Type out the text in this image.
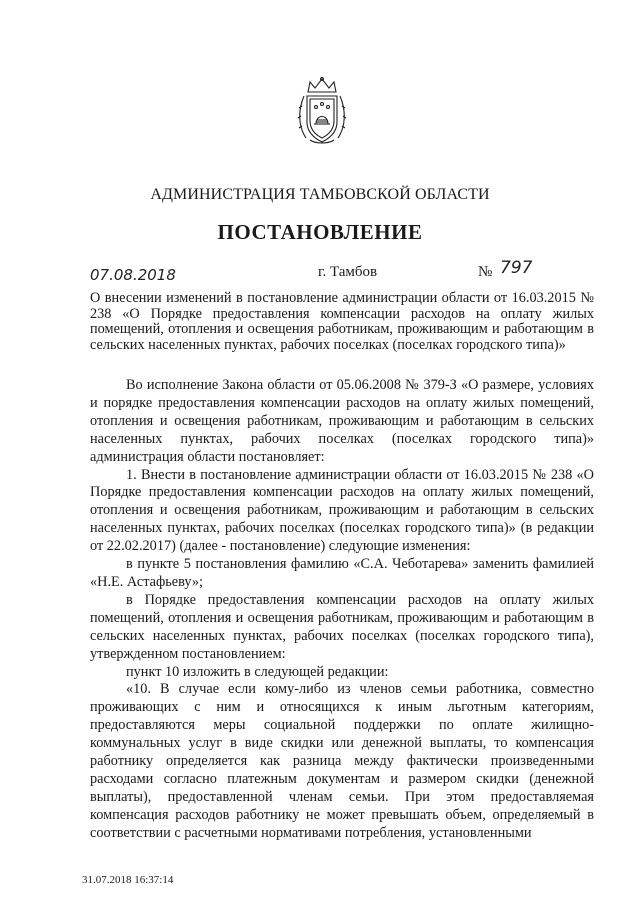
АДМИНИСТРАЦИЯ ТАМБОВСКОЙ ОБЛАСТИ
ПОСТАНОВЛЕНИЕ
07.08.2018	г. Тамбов	№ 797
О внесении изменений в постановление администрации области от 16.03.2015 № 238 «О Порядке предоставления компенсации расходов на оплату жилых помещений, отопления и освещения работникам, проживающим и работающим в сельских населенных пунктах, рабочих поселках (поселках городского типа)»

Во исполнение Закона области от 05.06.2008 № 379-З «О размере, условиях и порядке предоставления компенсации расходов на оплату жилых помещений, отопления и освещения работникам, проживающим и работающим в сельских населенных пунктах, рабочих поселках (поселках городского типа)» администрация области постановляет:

1. Внести в постановление администрации области от 16.03.2015 № 238 «О Порядке предоставления компенсации расходов на оплату жилых помещений, отопления и освещения работникам, проживающим и работающим в сельских населенных пунктах, рабочих поселках (поселках городского типа)» (в редакции от 22.02.2017) (далее - постановление) следующие изменения:

в пункте 5 постановления фамилию «С.А. Чеботарева» заменить фамилией «Н.Е. Астафьеву»;

в Порядке предоставления компенсации расходов на оплату жилых помещений, отопления и освещения работникам, проживающим и работающим в сельских населенных пунктах, рабочих поселках (поселках городского типа), утвержденном постановлением:

пункт 10 изложить в следующей редакции:

«10. В случае если кому-либо из членов семьи работника, совместно проживающих с ним и относящихся к иным льготным категориям, предоставляются меры социальной поддержки по оплате жилищно-коммунальных услуг в виде скидки или денежной выплаты, то компенсация работнику определяется как разница между фактически произведенными расходами согласно платежным документам и размером скидки (денежной выплаты), предоставленной членам семьи. При этом предоставляемая компенсация расходов работнику не может превышать объем, определяемый в соответствии с расчетными нормативами потребления, установленными

31.07.2018 16:37:14
